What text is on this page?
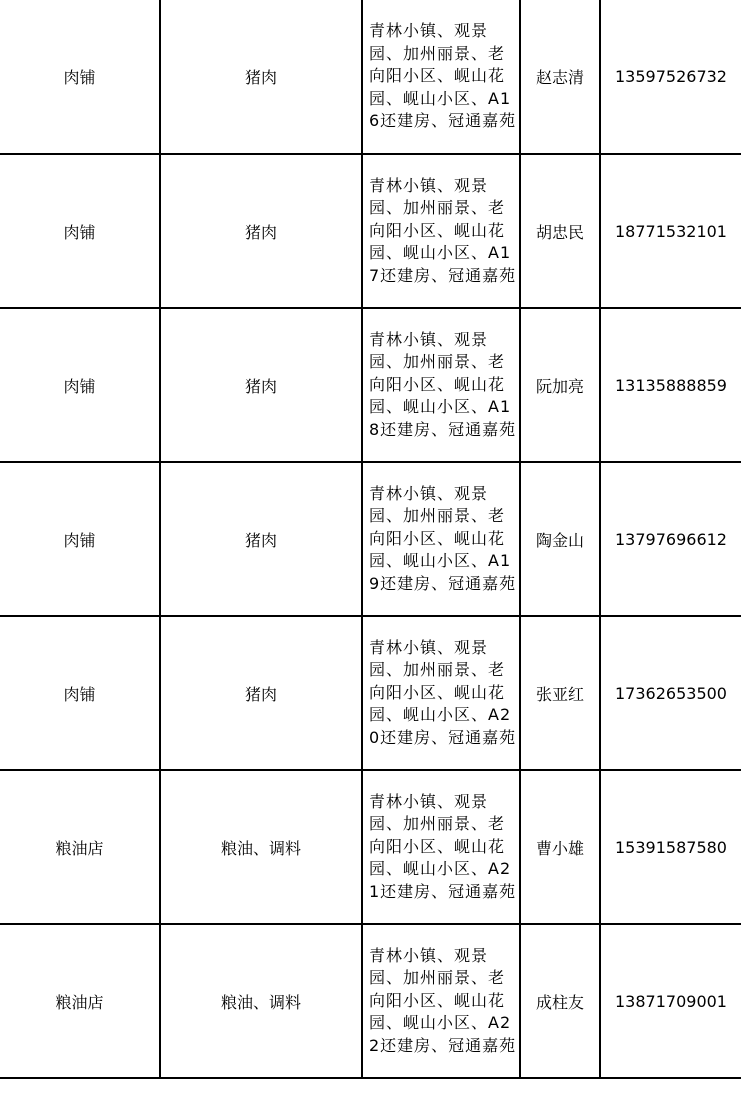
肉铺	猪肉	青林小镇、观景园、加州丽景、老向阳小区、岘山花园、岘山小区、A16还建房、冠通嘉苑	赵志清	13597526732
肉铺	猪肉	青林小镇、观景园、加州丽景、老向阳小区、岘山花园、岘山小区、A17还建房、冠通嘉苑	胡忠民	18771532101
肉铺	猪肉	青林小镇、观景园、加州丽景、老向阳小区、岘山花园、岘山小区、A18还建房、冠通嘉苑	阮加亮	13135888859
肉铺	猪肉	青林小镇、观景园、加州丽景、老向阳小区、岘山花园、岘山小区、A19还建房、冠通嘉苑	陶金山	13797696612
肉铺	猪肉	青林小镇、观景园、加州丽景、老向阳小区、岘山花园、岘山小区、A20还建房、冠通嘉苑	张亚红	17362653500
粮油店	粮油、调料	青林小镇、观景园、加州丽景、老向阳小区、岘山花园、岘山小区、A21还建房、冠通嘉苑	曹小雄	15391587580
粮油店	粮油、调料	青林小镇、观景园、加州丽景、老向阳小区、岘山花园、岘山小区、A22还建房、冠通嘉苑	成柱友	13871709001
